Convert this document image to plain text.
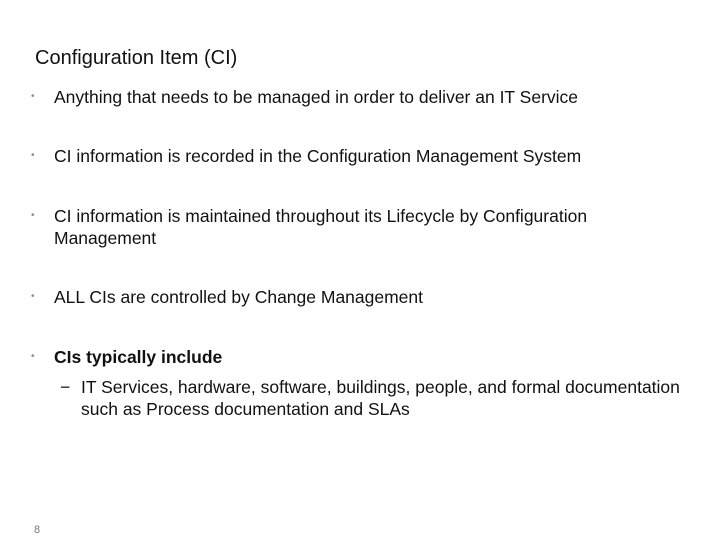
Configuration Item (CI)
•	Anything that needs to be managed in order to deliver an IT Service
•	CI information is recorded in the Configuration Management System
•	CI information is maintained throughout its Lifecycle by Configuration Management
•	ALL CIs are controlled by Change Management
•	CIs typically include
− IT Services, hardware, software, buildings, people, and formal documentation such as Process documentation and SLAs
8
